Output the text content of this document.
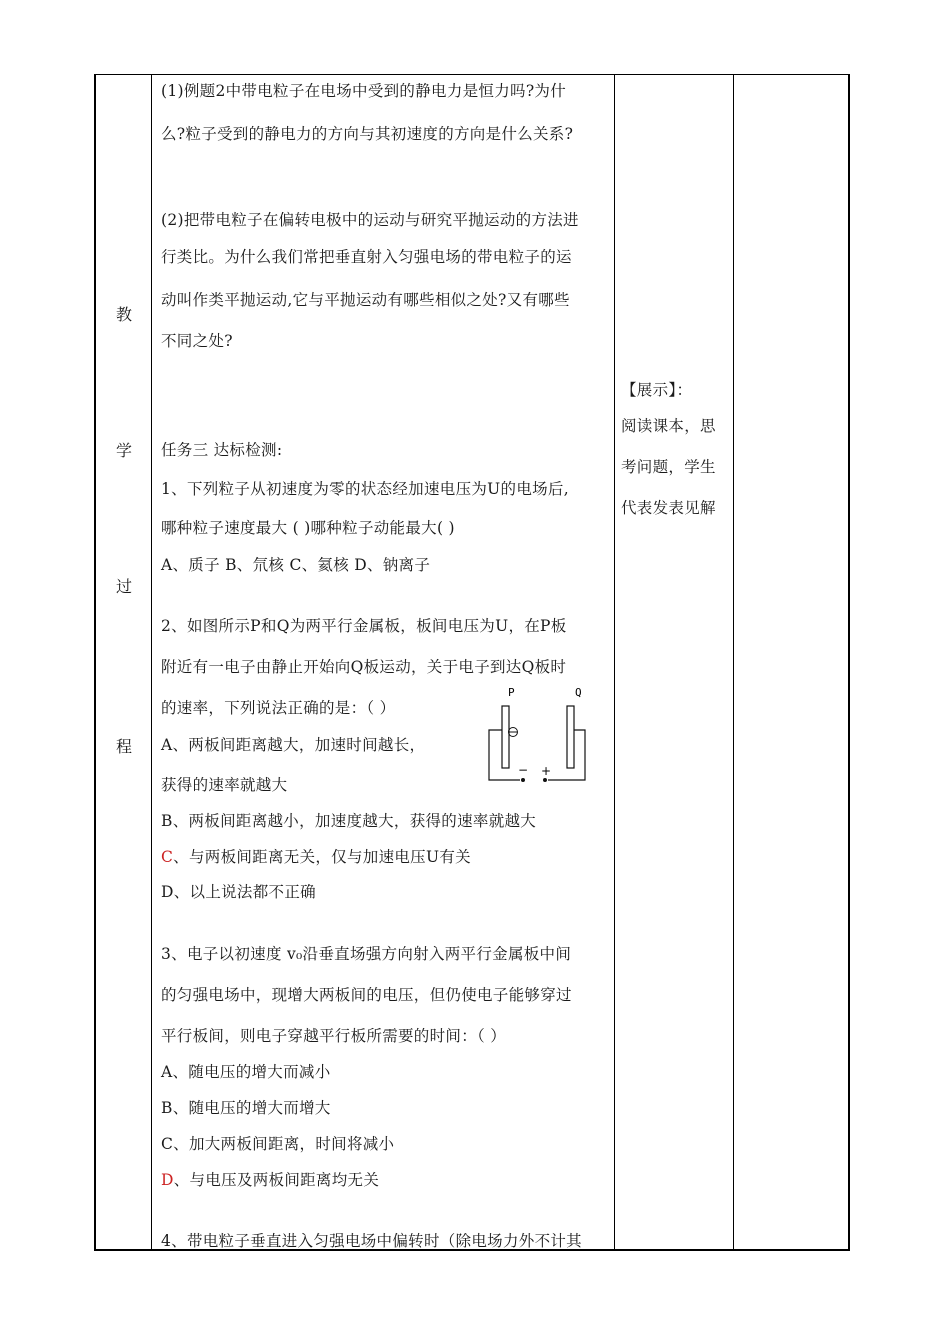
教
学
过
程
(1)例题2中带电粒子在电场中受到的静电力是恒力吗?为什
么?粒子受到的静电力的方向与其初速度的方向是什么关系?
(2)把带电粒子在偏转电极中的运动与研究平抛运动的方法进
行类比。为什么我们常把垂直射入匀强电场的带电粒子的运
动叫作类平抛运动,它与平抛运动有哪些相似之处?又有哪些
不同之处?
任务三 达标检测:
1、下列粒子从初速度为零的状态经加速电压为U的电场后,
哪种粒子速度最大 ( )哪种粒子动能最大( )
A、质子 B、氘核 C、氦核 D、钠离子
2、如图所示P和Q为两平行金属板，板间电压为U，在P板
附近有一电子由静止开始向Q板运动，关于电子到达Q板时
的速率，下列说法正确的是：（ ）
A、两板间距离越大，加速时间越长，
获得的速率就越大
B、两板间距离越小，加速度越大，获得的速率就越大
C、与两板间距离无关，仅与加速电压U有关
D、以上说法都不正确
3、电子以初速度 v₀沿垂直场强方向射入两平行金属板中间
的匀强电场中，现增大两板间的电压，但仍使电子能够穿过
平行板间，则电子穿越平行板所需要的时间：（ ）
A、随电压的增大而减小
B、随电压的增大而增大
C、加大两板间距离，时间将减小
D、与电压及两板间距离均无关
4、带电粒子垂直进入匀强电场中偏转时（除电场力外不计其
P	Q
− +
【展示】：
阅读课本，思
考问题，学生
代表发表见解
